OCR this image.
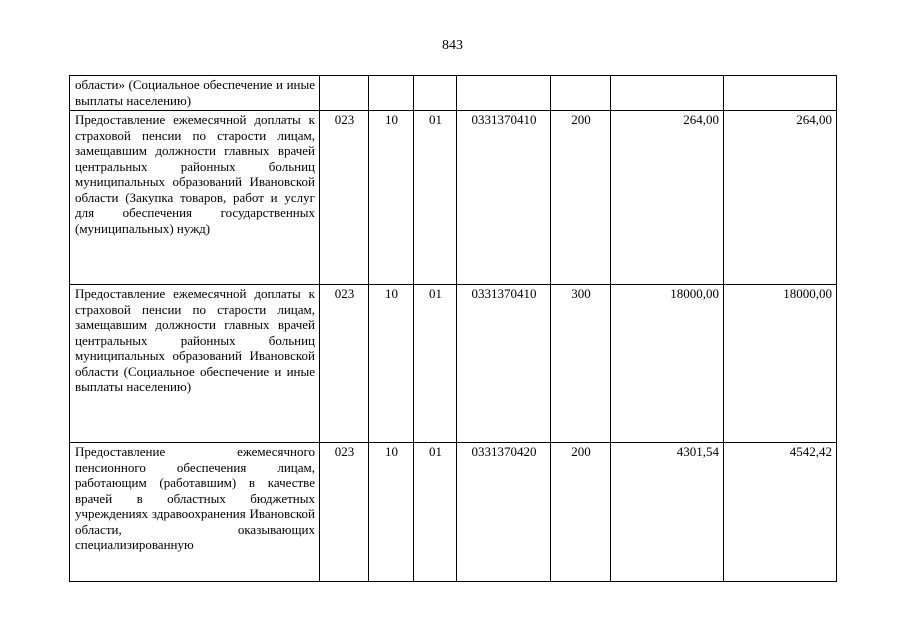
843
области» (Социальное обеспечение и иные выплаты населению)							
Предоставление ежемесячной доплаты к страховой пенсии по старости лицам, замещавшим должности главных врачей центральных районных больниц муниципальных образований Ивановской области (Закупка товаров, работ и услуг для обеспечения государственных (муниципальных) нужд)	023	10	01	0331370410	200	264,00	264,00
Предоставление ежемесячной доплаты к страховой пенсии по старости лицам, замещавшим должности главных врачей центральных районных больниц муниципальных образований Ивановской области (Социальное обеспечение и иные выплаты населению)	023	10	01	0331370410	300	18000,00	18000,00
Предоставление ежемесячного пенсионного обеспечения лицам, работающим (работавшим) в качестве врачей в областных бюджетных учреждениях здравоохранения Ивановской области, оказывающих специализированную	023	10	01	0331370420	200	4301,54	4542,42
